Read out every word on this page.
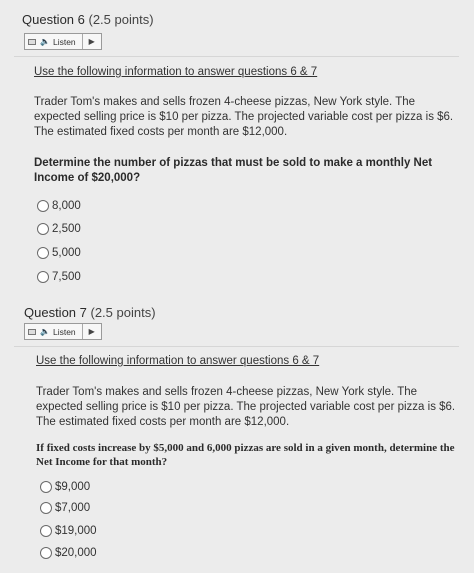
Question 6 (2.5 points)
🔈 Listen ▶
Use the following information to answer questions 6 & 7
Trader Tom's makes and sells frozen 4-cheese pizzas, New York style. The expected selling price is $10 per pizza. The projected variable cost per pizza is $6. The estimated fixed costs per month are $12,000.
Determine the number of pizzas that must be sold to make a monthly Net Income of $20,000?
8,000
2,500
5,000
7,500
Question 7 (2.5 points)
🔈 Listen ▶
Use the following information to answer questions 6 & 7
Trader Tom's makes and sells frozen 4-cheese pizzas, New York style. The expected selling price is $10 per pizza. The projected variable cost per pizza is $6. The estimated fixed costs per month are $12,000.
If fixed costs increase by $5,000 and 6,000 pizzas are sold in a given month, determine the Net Income for that month?
$9,000
$7,000
$19,000
$20,000
